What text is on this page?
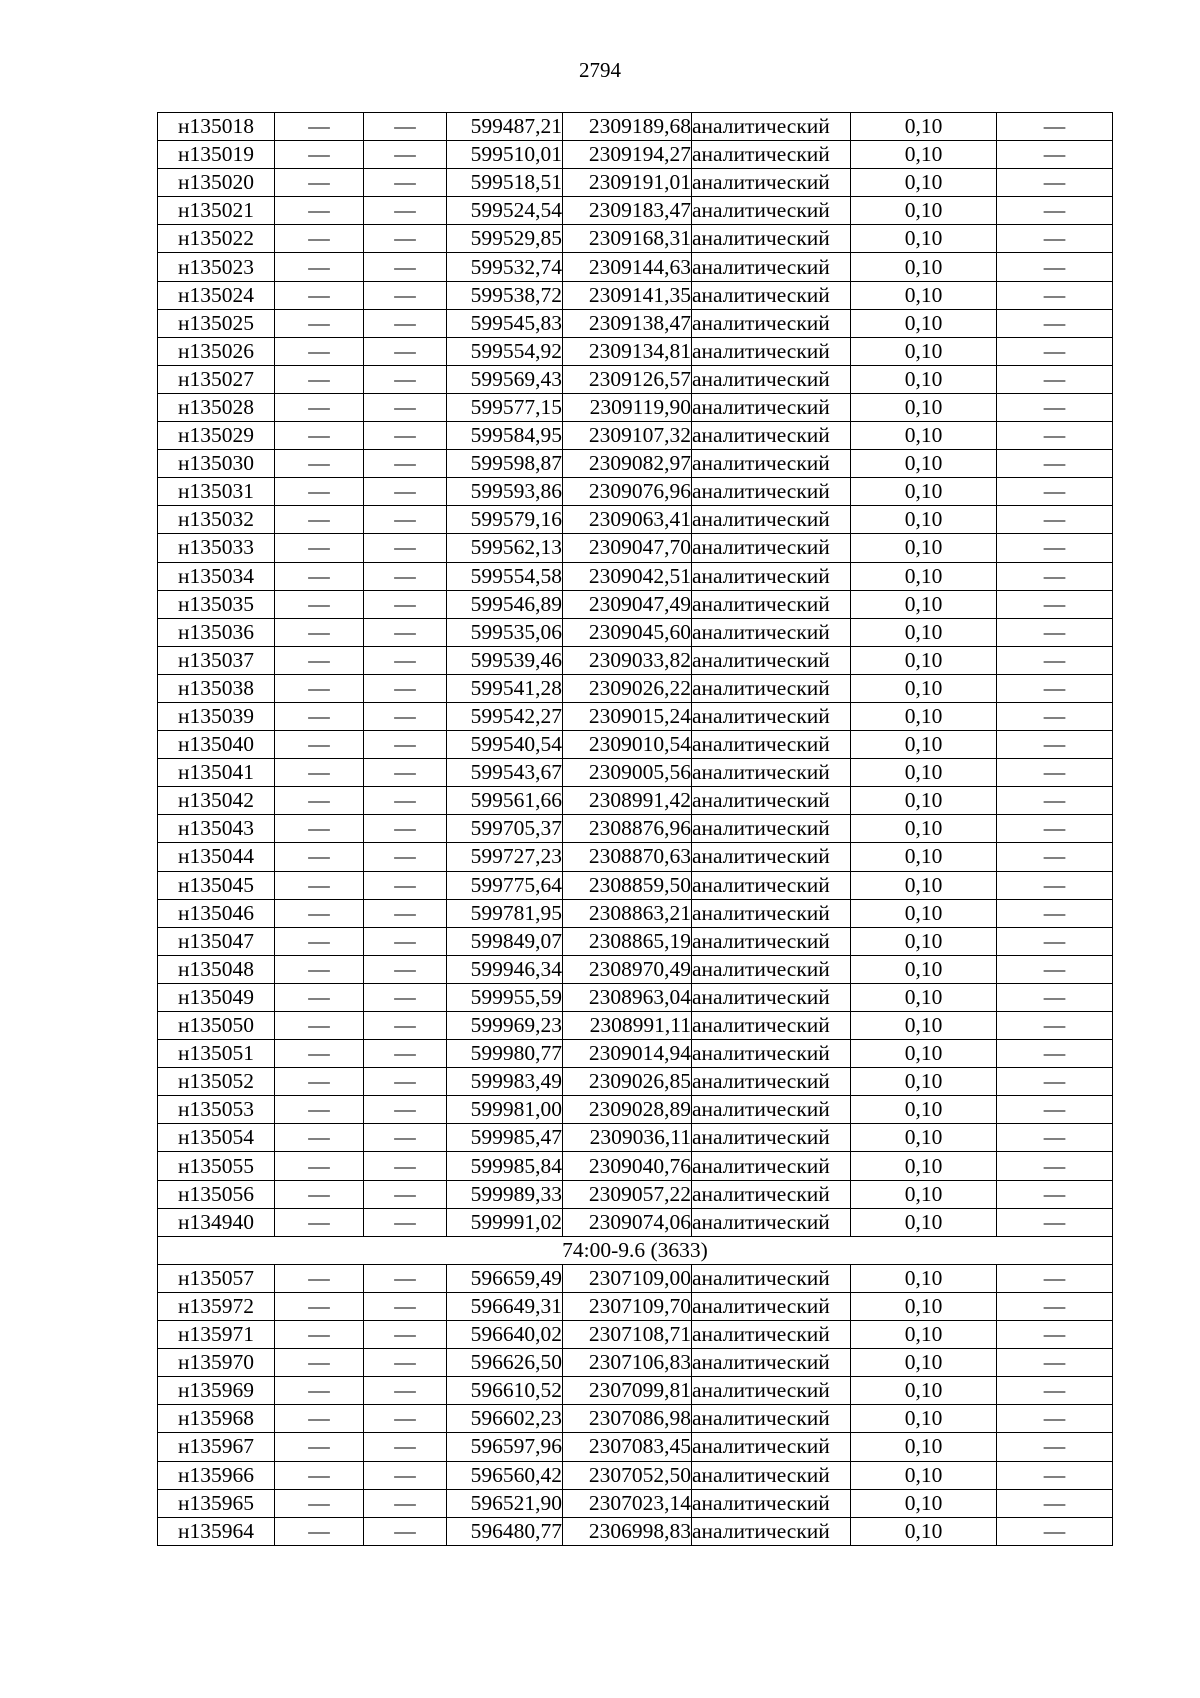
2794
н135018	—	—	599487,21	2309189,68	аналитический	0,10	—
н135019	—	—	599510,01	2309194,27	аналитический	0,10	—
н135020	—	—	599518,51	2309191,01	аналитический	0,10	—
н135021	—	—	599524,54	2309183,47	аналитический	0,10	—
н135022	—	—	599529,85	2309168,31	аналитический	0,10	—
н135023	—	—	599532,74	2309144,63	аналитический	0,10	—
н135024	—	—	599538,72	2309141,35	аналитический	0,10	—
н135025	—	—	599545,83	2309138,47	аналитический	0,10	—
н135026	—	—	599554,92	2309134,81	аналитический	0,10	—
н135027	—	—	599569,43	2309126,57	аналитический	0,10	—
н135028	—	—	599577,15	2309119,90	аналитический	0,10	—
н135029	—	—	599584,95	2309107,32	аналитический	0,10	—
н135030	—	—	599598,87	2309082,97	аналитический	0,10	—
н135031	—	—	599593,86	2309076,96	аналитический	0,10	—
н135032	—	—	599579,16	2309063,41	аналитический	0,10	—
н135033	—	—	599562,13	2309047,70	аналитический	0,10	—
н135034	—	—	599554,58	2309042,51	аналитический	0,10	—
н135035	—	—	599546,89	2309047,49	аналитический	0,10	—
н135036	—	—	599535,06	2309045,60	аналитический	0,10	—
н135037	—	—	599539,46	2309033,82	аналитический	0,10	—
н135038	—	—	599541,28	2309026,22	аналитический	0,10	—
н135039	—	—	599542,27	2309015,24	аналитический	0,10	—
н135040	—	—	599540,54	2309010,54	аналитический	0,10	—
н135041	—	—	599543,67	2309005,56	аналитический	0,10	—
н135042	—	—	599561,66	2308991,42	аналитический	0,10	—
н135043	—	—	599705,37	2308876,96	аналитический	0,10	—
н135044	—	—	599727,23	2308870,63	аналитический	0,10	—
н135045	—	—	599775,64	2308859,50	аналитический	0,10	—
н135046	—	—	599781,95	2308863,21	аналитический	0,10	—
н135047	—	—	599849,07	2308865,19	аналитический	0,10	—
н135048	—	—	599946,34	2308970,49	аналитический	0,10	—
н135049	—	—	599955,59	2308963,04	аналитический	0,10	—
н135050	—	—	599969,23	2308991,11	аналитический	0,10	—
н135051	—	—	599980,77	2309014,94	аналитический	0,10	—
н135052	—	—	599983,49	2309026,85	аналитический	0,10	—
н135053	—	—	599981,00	2309028,89	аналитический	0,10	—
н135054	—	—	599985,47	2309036,11	аналитический	0,10	—
н135055	—	—	599985,84	2309040,76	аналитический	0,10	—
н135056	—	—	599989,33	2309057,22	аналитический	0,10	—
н134940	—	—	599991,02	2309074,06	аналитический	0,10	—
74:00-9.6 (3633)							
н135057	—	—	596659,49	2307109,00	аналитический	0,10	—
н135972	—	—	596649,31	2307109,70	аналитический	0,10	—
н135971	—	—	596640,02	2307108,71	аналитический	0,10	—
н135970	—	—	596626,50	2307106,83	аналитический	0,10	—
н135969	—	—	596610,52	2307099,81	аналитический	0,10	—
н135968	—	—	596602,23	2307086,98	аналитический	0,10	—
н135967	—	—	596597,96	2307083,45	аналитический	0,10	—
н135966	—	—	596560,42	2307052,50	аналитический	0,10	—
н135965	—	—	596521,90	2307023,14	аналитический	0,10	—
н135964	—	—	596480,77	2306998,83	аналитический	0,10	—
